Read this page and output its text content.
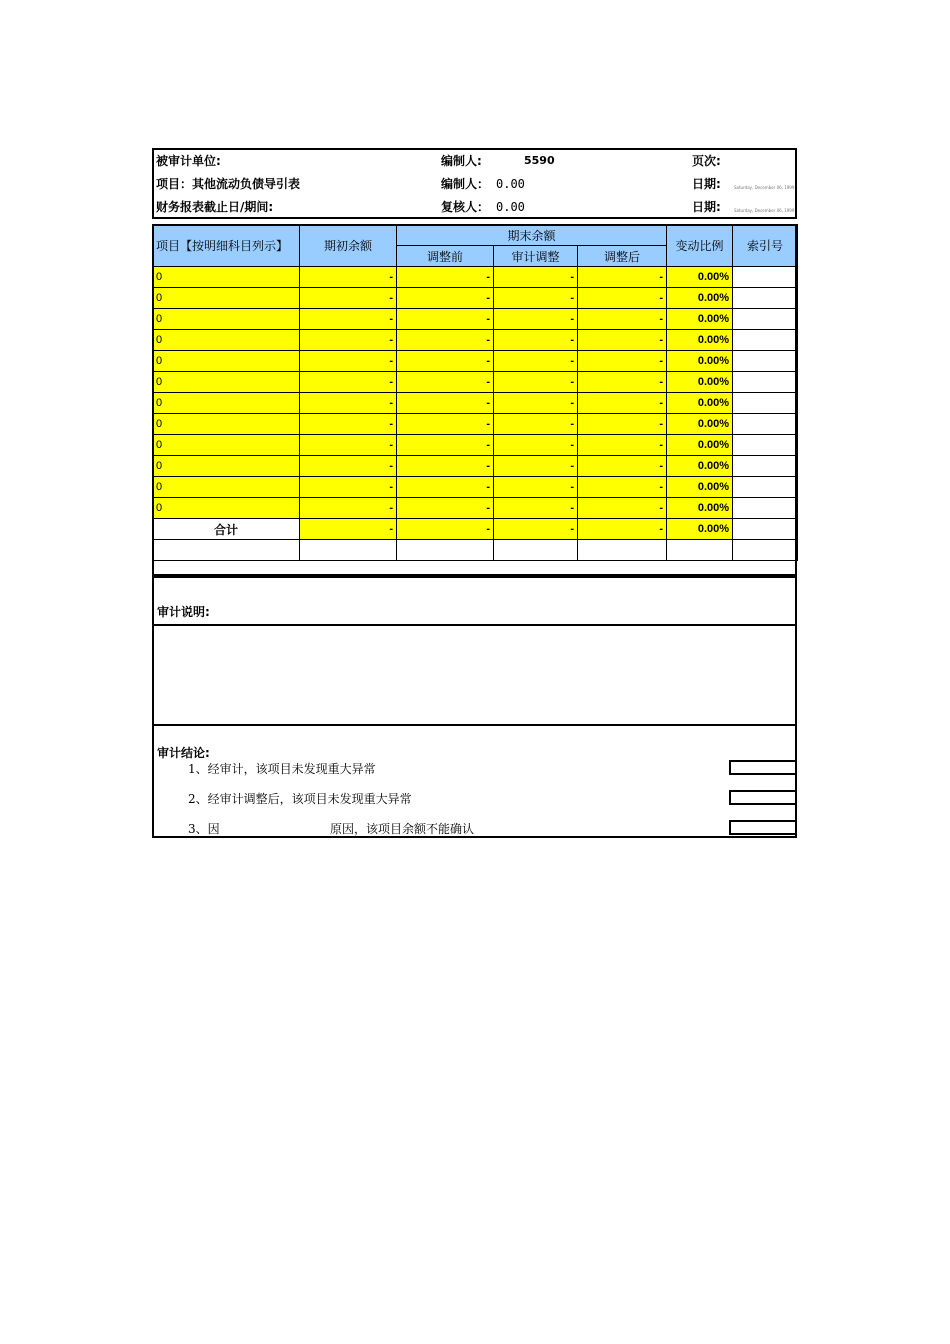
被审计单位:
项目：其他流动负债导引表
财务报表截止日/期间:
编制人:	5590
编制人： 0.00
复核人： 0.00
页次:
日期:	Saturday, December 06, 1999
日期:	Saturday, December 06, 1999
项目【按明细科目列示】	期初余额	期末余额			变动比例	索引号
		调整前	审计调整	调整后		
0	-	-	-	-	0.00%	
0	-	-	-	-	0.00%	
0	-	-	-	-	0.00%	
0	-	-	-	-	0.00%	
0	-	-	-	-	0.00%	
0	-	-	-	-	0.00%	
0	-	-	-	-	0.00%	
0	-	-	-	-	0.00%	
0	-	-	-	-	0.00%	
0	-	-	-	-	0.00%	
0	-	-	-	-	0.00%	
0	-	-	-	-	0.00%	
合计	-	-	-	-	0.00%	

审计说明:
审计结论:
1、经审计，该项目未发现重大异常
2、经审计调整后，该项目未发现重大异常
3、因	原因，该项目余额不能确认
